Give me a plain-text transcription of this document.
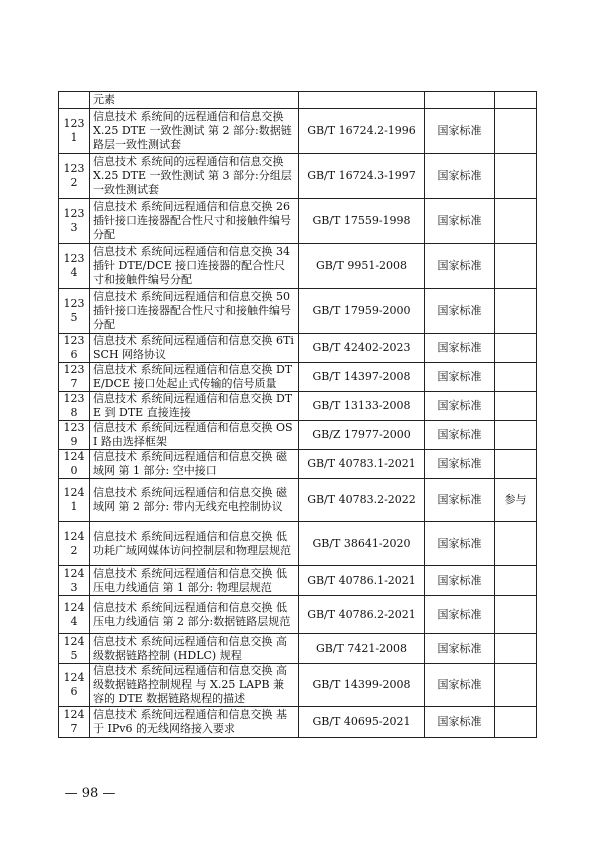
	元素			
1231	信息技术 系统间的远程通信和信息交换 X.25 DTE 一致性测试 第 2 部分:数据链路层一致性测试套	GB/T 16724.2-1996	国家标准	
1232	信息技术 系统间的远程通信和信息交换 X.25 DTE 一致性测试 第 3 部分:分组层一致性测试套	GB/T 16724.3-1997	国家标准	
1233	信息技术 系统间远程通信和信息交换 26 插针接口连接器配合性尺寸和接触件编号分配	GB/T 17559-1998	国家标准	
1234	信息技术 系统间远程通信和信息交换 34 插针 DTE/DCE 接口连接器的配合性尺寸和接触件编号分配	GB/T 9951-2008	国家标准	
1235	信息技术 系统间远程通信和信息交换 50 插针接口连接器配合性尺寸和接触件编号分配	GB/T 17959-2000	国家标准	
1236	信息技术 系统间远程通信和信息交换 6TiSCH 网络协议	GB/T 42402-2023	国家标准	
1237	信息技术 系统间远程通信和信息交换 DTE/DCE 接口处起止式传输的信号质量	GB/T 14397-2008	国家标准	
1238	信息技术 系统间远程通信和信息交换 DTE 到 DTE 直接连接	GB/T 13133-2008	国家标准	
1239	信息技术 系统间远程通信和信息交换 OSI 路由选择框架	GB/Z 17977-2000	国家标准	
1240	信息技术 系统间远程通信和信息交换 磁域网 第 1 部分: 空中接口	GB/T 40783.1-2021	国家标准	
1241	信息技术 系统间远程通信和信息交换 磁域网 第 2 部分: 带内无线充电控制协议	GB/T 40783.2-2022	国家标准	参与
1242	信息技术 系统间远程通信和信息交换 低功耗广域网媒体访问控制层和物理层规范	GB/T 38641-2020	国家标准	
1243	信息技术 系统间远程通信和信息交换 低压电力线通信 第 1 部分: 物理层规范	GB/T 40786.1-2021	国家标准	
1244	信息技术 系统间远程通信和信息交换 低压电力线通信 第 2 部分:数据链路层规范	GB/T 40786.2-2021	国家标准	
1245	信息技术 系统间远程通信和信息交换 高级数据链路控制 (HDLC) 规程	GB/T 7421-2008	国家标准	
1246	信息技术 系统间远程通信和信息交换 高级数据链路控制规程 与 X.25 LAPB 兼容的 DTE 数据链路规程的描述	GB/T 14399-2008	国家标准	
1247	信息技术 系统间远程通信和信息交换 基于 IPv6 的无线网络接入要求	GB/T 40695-2021	国家标准	
— 98 —
